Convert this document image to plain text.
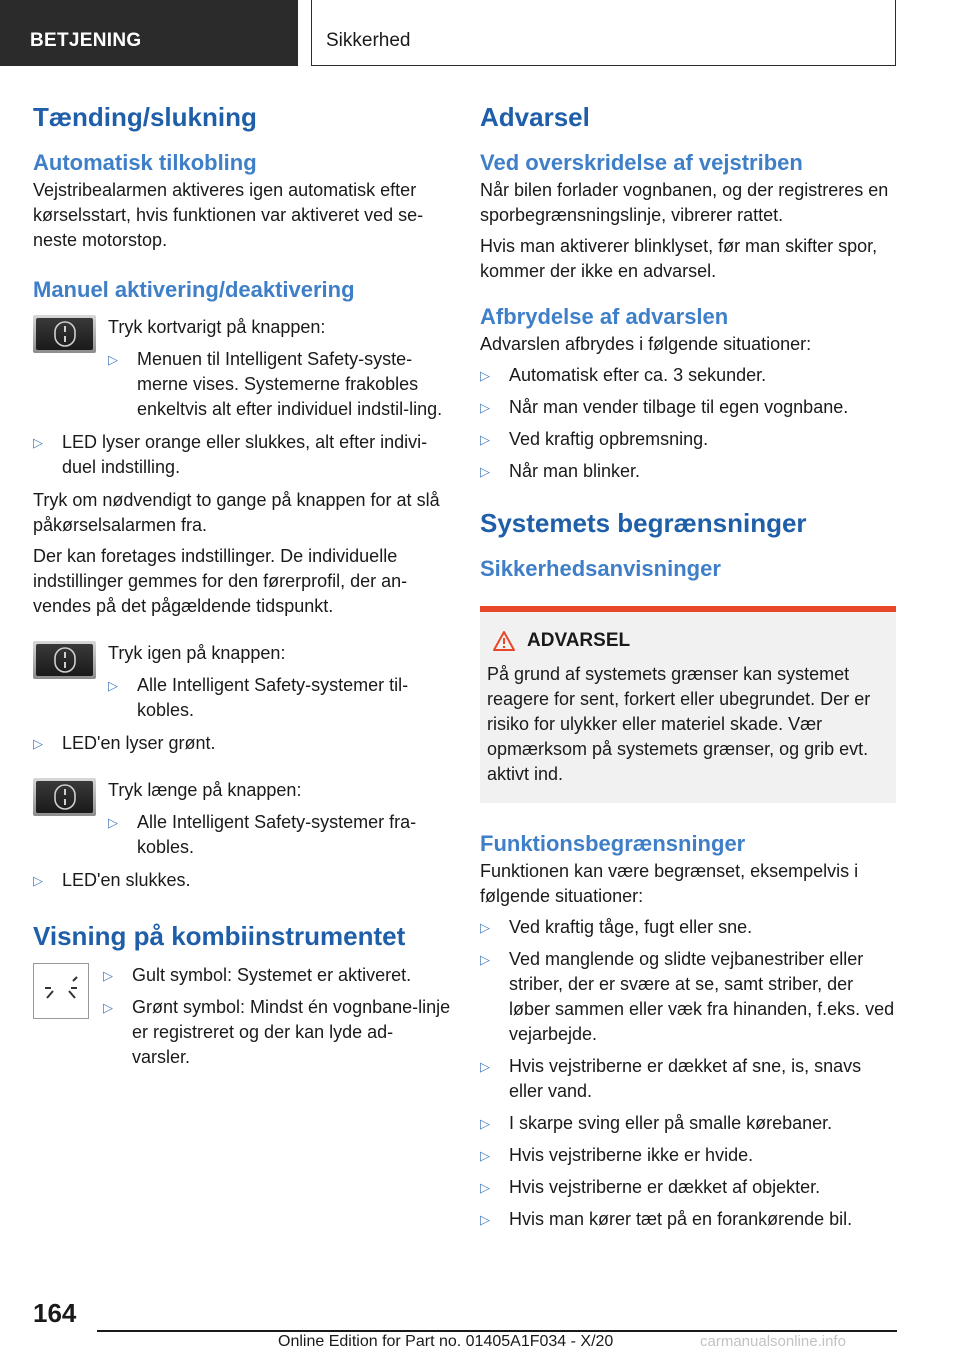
BETJENING	Sikkerhed
Tænding/slukning
Automatisk tilkobling

Vejstribealarmen aktiveres igen automatisk efter kørselsstart, hvis funktionen var aktiveret ved se-neste motorstop.

Manuel aktivering/deaktivering

Tryk kortvarigt på knappen:

▷ Menuen til Intelligent Safety-syste-merne vises. Systemerne frakobles enkeltvis alt efter individuel indstil-ling.
▷ LED lyser orange eller slukkes, alt efter indivi-duel indstilling.

Tryk om nødvendigt to gange på knappen for at slå påkørselsalarmen fra.

Der kan foretages indstillinger. De individuelle indstillinger gemmes for den førerprofil, der an-vendes på det pågældende tidspunkt.

Tryk igen på knappen:

▷ Alle Intelligent Safety-systemer til-kobles.
▷ LED'en lyser grønt.

Tryk længe på knappen:

▷ Alle Intelligent Safety-systemer fra-kobles.
▷ LED'en slukkes.
Visning på kombiinstrumentet
▷ Gult symbol: Systemet er aktiveret.
▷ Grønt symbol: Mindst én vognbane-linje er registreret og der kan lyde ad-varsler.
Advarsel
Ved overskridelse af vejstriben

Når bilen forlader vognbanen, og der registreres en sporbegrænsningslinje, vibrerer rattet.

Hvis man aktiverer blinklyset, før man skifter spor, kommer der ikke en advarsel.

Afbrydelse af advarslen

Advarslen afbrydes i følgende situationer:

▷ Automatisk efter ca. 3 sekunder.
▷ Når man vender tilbage til egen vognbane.
▷ Ved kraftig opbremsning.
▷ Når man blinker.
Systemets begrænsninger
Sikkerhedsanvisninger
ADVARSEL

På grund af systemets grænser kan systemet reagere for sent, forkert eller ubegrundet. Der er risiko for ulykker eller materiel skade. Vær opmærksom på systemets grænser, og grib evt. aktivt ind.

Funktionsbegrænsninger

Funktionen kan være begrænset, eksempelvis i følgende situationer:

▷ Ved kraftig tåge, fugt eller sne.
▷ Ved manglende og slidte vejbanestriber eller striber, der er svære at se, samt striber, der løber sammen eller væk fra hinanden, f.eks. ved vejarbejde.
▷ Hvis vejstriberne er dækket af sne, is, snavs eller vand.
▷ I skarpe sving eller på smalle kørebaner.
▷ Hvis vejstriberne ikke er hvide.
▷ Hvis vejstriberne er dækket af objekter.
▷ Hvis man kører tæt på en forankørende bil.
164
Online Edition for Part no. 01405A1F034 - X/20	carmanualsonline.info
